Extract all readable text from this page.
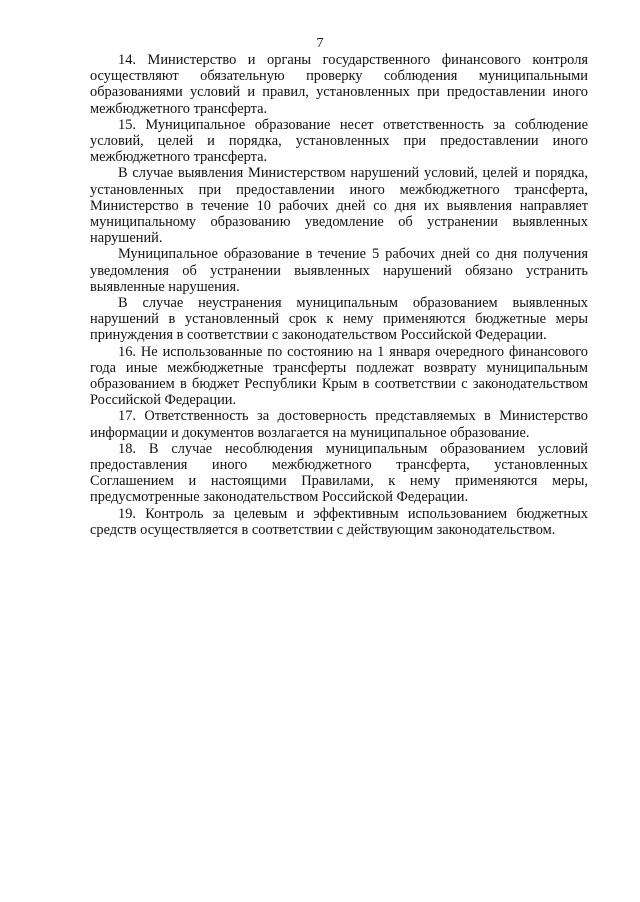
7

14. Министерство и органы государственного финансового контроля осуществляют обязательную проверку соблюдения муниципальными образованиями условий и правил, установленных при предоставлении иного межбюджетного трансферта.

15. Муниципальное образование несет ответственность за соблюдение условий, целей и порядка, установленных при предоставлении иного межбюджетного трансферта.

В случае выявления Министерством нарушений условий, целей и порядка, установленных при предоставлении иного межбюджетного трансферта, Министерство в течение 10 рабочих дней со дня их выявления направляет муниципальному образованию уведомление об устранении выявленных нарушений.

Муниципальное образование в течение 5 рабочих дней со дня получения уведомления об устранении выявленных нарушений обязано устранить выявленные нарушения.

В случае неустранения муниципальным образованием выявленных нарушений в установленный срок к нему применяются бюджетные меры принуждения в соответствии с законодательством Российской Федерации.

16. Не использованные по состоянию на 1 января очередного финансового года иные межбюджетные трансферты подлежат возврату муниципальным образованием в бюджет Республики Крым в соответствии с законодательством Российской Федерации.

17. Ответственность за достоверность представляемых в Министерство информации и документов возлагается на муниципальное образование.

18. В случае несоблюдения муниципальным образованием условий предоставления иного межбюджетного трансферта, установленных Соглашением и настоящими Правилами, к нему применяются меры, предусмотренные законодательством Российской Федерации.

19. Контроль за целевым и эффективным использованием бюджетных средств осуществляется в соответствии с действующим законодательством.
